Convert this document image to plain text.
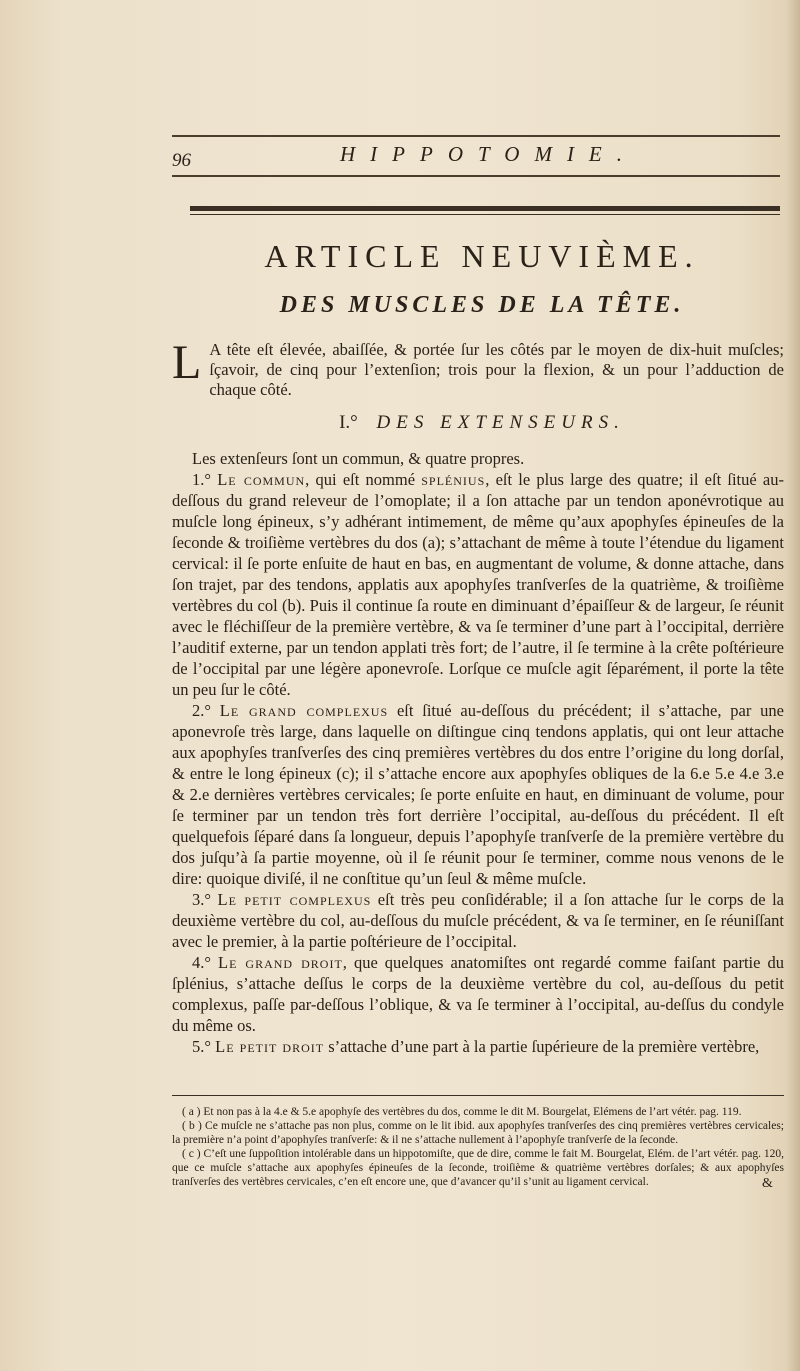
96	HIPPOTOMIE.
ARTICLE NEUVIÈME.
DES MUSCLES DE LA TÊTE.
L A tête eſt élevée, abaiſſée, & portée ſur les côtés par le moyen de dix-huit muſcles; ſçavoir, de cinq pour l’extenſion; trois pour la flexion, & un pour l’adduction de chaque côté.
I.° DES EXTENSEURS.

Les extenſeurs ſont un commun, & quatre propres.

1.° Le commun, qui eſt nommé splénius, eſt le plus large des quatre; il eſt ſitué au-deſſous du grand releveur de l’omoplate; il a ſon attache par un tendon aponévrotique au muſcle long épineux, s’y adhérant intimement, de même qu’aux apophyſes épineuſes de la ſeconde & troiſième vertèbres du dos (a); s’attachant de même à toute l’étendue du ligament cervical: il ſe porte enſuite de haut en bas, en augmentant de volume, & donne attache, dans ſon trajet, par des tendons, applatis aux apophyſes tranſverſes de la quatrième, & troiſième vertèbres du col (b). Puis il continue ſa route en diminuant d’épaiſſeur & de largeur, ſe réunit avec le fléchiſſeur de la première vertèbre, & va ſe terminer d’une part à l’occipital, derrière l’auditif externe, par un tendon applati très fort; de l’autre, il ſe termine à la crête poſtérieure de l’occipital par une légère aponevroſe. Lorſque ce muſcle agit ſéparément, il porte la tête un peu ſur le côté.

2.° Le grand complexus eſt ſitué au-deſſous du précédent; il s’attache, par une aponevroſe très large, dans laquelle on diſtingue cinq tendons applatis, qui ont leur attache aux apophyſes tranſverſes des cinq premières vertèbres du dos entre l’origine du long dorſal, & entre le long épineux (c); il s’attache encore aux apophyſes obliques de la 6.e 5.e 4.e 3.e & 2.e dernières vertèbres cervicales; ſe porte enſuite en haut, en diminuant de volume, pour ſe terminer par un tendon très fort derrière l’occipital, au-deſſous du précédent. Il eſt quelquefois ſéparé dans ſa longueur, depuis l’apophyſe tranſverſe de la première vertèbre du dos juſqu’à ſa partie moyenne, où il ſe réunit pour ſe terminer, comme nous venons de le dire: quoique diviſé, il ne conſtitue qu’un ſeul & même muſcle.

3.° Le petit complexus eſt très peu conſidérable; il a ſon attache ſur le corps de la deuxième vertèbre du col, au-deſſous du muſcle précédent, & va ſe terminer, en ſe réuniſſant avec le premier, à la partie poſtérieure de l’occipital.

4.° Le grand droit, que quelques anatomiſtes ont regardé comme faiſant partie du ſplénius, s’attache deſſus le corps de la deuxième vertèbre du col, au-deſſous du petit complexus, paſſe par-deſſous l’oblique, & va ſe terminer à l’occipital, au-deſſus du condyle du même os.

5.° Le petit droit s’attache d’une part à la partie ſupérieure de la première vertèbre,

( a ) Et non pas à la 4.e & 5.e apophyſe des vertèbres du dos, comme le dit M. Bourgelat, Elémens de l’art vétér. pag. 119.

( b ) Ce muſcle ne s’attache pas non plus, comme on le lit ibid. aux apophyſes tranſverſes des cinq premières vertèbres cervicales; la première n’a point d’apophyſes tranſverſe: & il ne s’attache nullement à l’apophyſe tranſverſe de la ſeconde.

( c ) C’eſt une ſuppoſition intolérable dans un hippotomiſte, que de dire, comme le fait M. Bourgelat, Elém. de l’art vétér. pag. 120, que ce muſcle s’attache aux apophyſes épineuſes de la ſeconde, troiſième & quatrième vertèbres dorſales; & aux apophyſes tranſverſes des vertèbres cervicales, c’en eſt encore une, que d’avancer qu’il s’unit au ligament cervical.	&
